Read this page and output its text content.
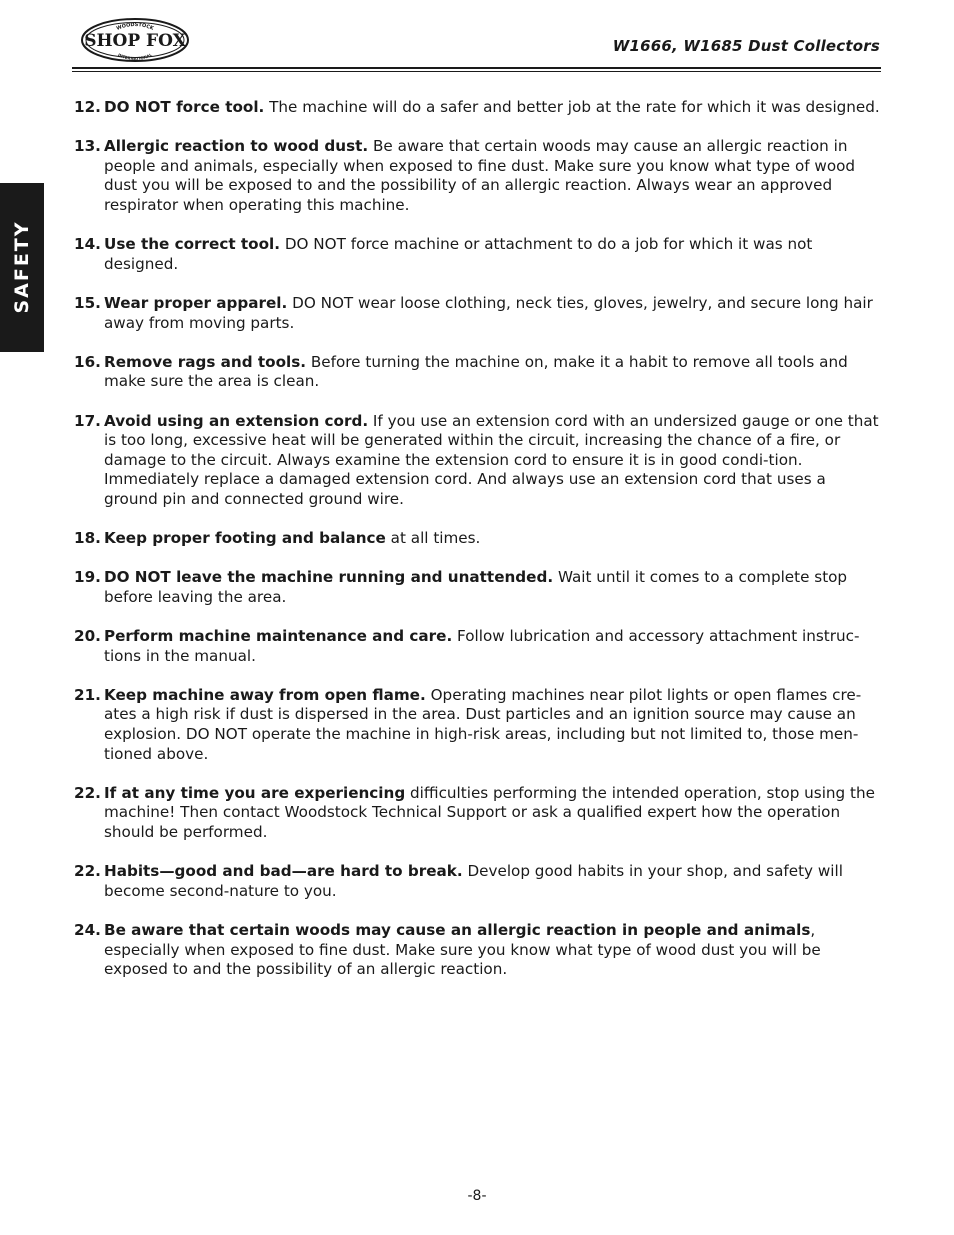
WOODSTOCK
SHOP FOX
INTERNATIONAL
W1666, W1685 Dust Collectors
SAFETY
12. DO NOT force tool. The machine will do a safer and better job at the rate for which it was designed.
13. Allergic reaction to wood dust. Be aware that certain woods may cause an allergic reaction in people and animals, especially when exposed to fine dust. Make sure you know what type of wood dust you will be exposed to and the possibility of an allergic reaction. Always wear an approved respirator when operating this machine.
14. Use the correct tool. DO NOT force machine or attachment to do a job for which it was not designed.
15. Wear proper apparel. DO NOT wear loose clothing, neck ties, gloves, jewelry, and secure long hair away from moving parts.
16. Remove rags and tools. Before turning the machine on, make it a habit to remove all tools and make sure the area is clean.
17. Avoid using an extension cord. If you use an extension cord with an undersized gauge or one that is too long, excessive heat will be generated within the circuit, increasing the chance of a fire, or damage to the circuit. Always examine the extension cord to ensure it is in good condi-tion. Immediately replace a damaged extension cord. And always use an extension cord that uses a ground pin and connected ground wire.
18. Keep proper footing and balance at all times.
19. DO NOT leave the machine running and unattended. Wait until it comes to a complete stop before leaving the area.
20. Perform machine maintenance and care. Follow lubrication and accessory attachment instruc-tions in the manual.
21. Keep machine away from open flame. Operating machines near pilot lights or open flames cre-ates a high risk if dust is dispersed in the area. Dust particles and an ignition source may cause an explosion. DO NOT operate the machine in high-risk areas, including but not limited to, those men-tioned above.
22. If at any time you are experiencing difficulties performing the intended operation, stop using the machine! Then contact Woodstock Technical Support or ask a qualified expert how the operation should be performed.
22. Habits—good and bad—are hard to break. Develop good habits in your shop, and safety will become second-nature to you.
24. Be aware that certain woods may cause an allergic reaction in people and animals, especially when exposed to fine dust. Make sure you know what type of wood dust you will be exposed to and the possibility of an allergic reaction.
-8-
